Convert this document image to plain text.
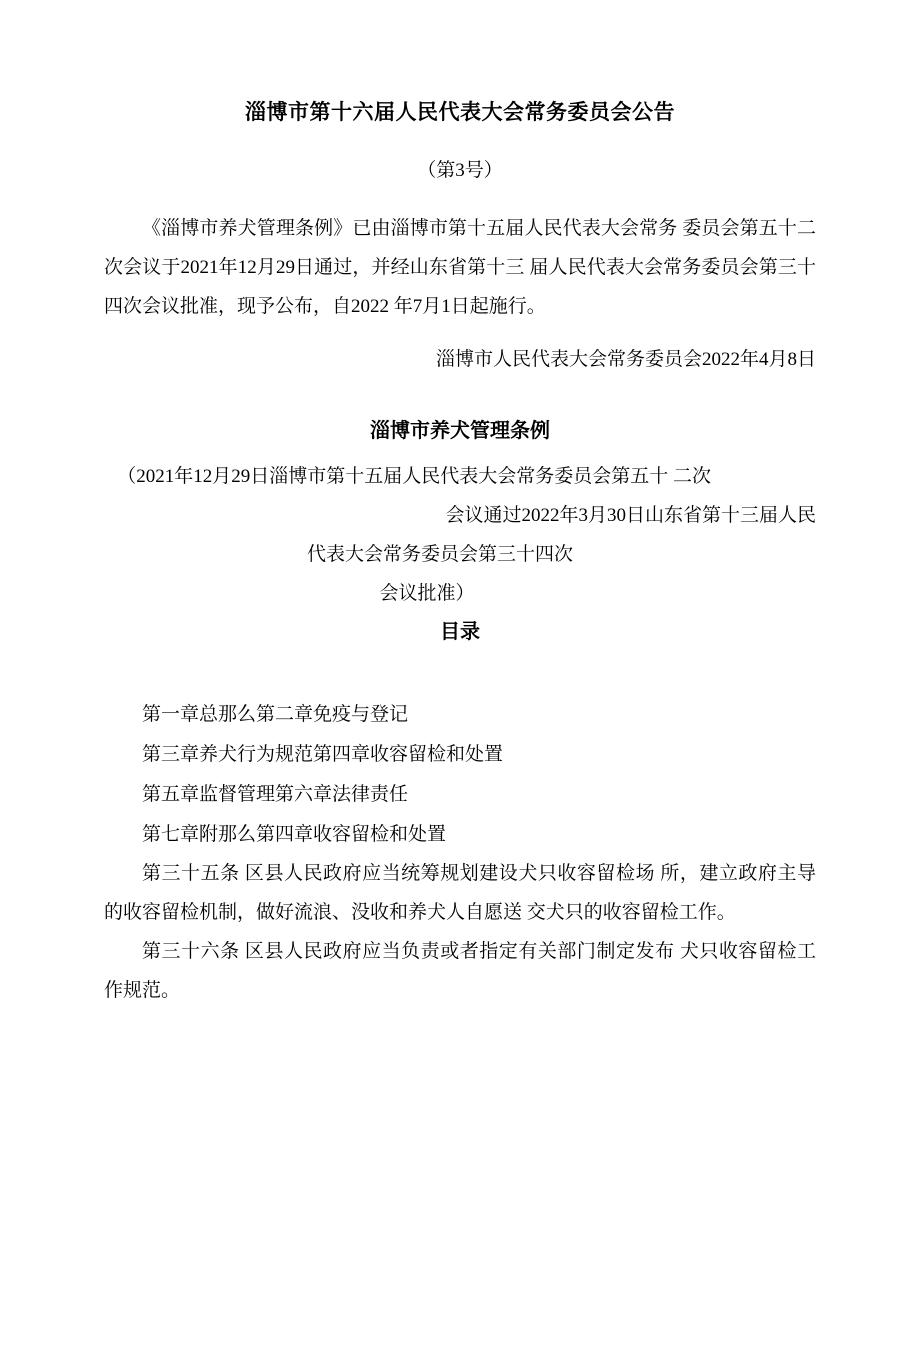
淄博市第十六届人民代表大会常务委员会公告
（第3号）

《淄博市养犬管理条例》已由淄博市第十五届人民代表大会常务 委员会第五十二次会议于2021年12月29日通过，并经山东省第十三 届人民代表大会常务委员会第三十四次会议批准，现予公布，自2022 年7月1日起施行。

淄博市人民代表大会常务委员会2022年4月8日

淄博市养犬管理条例

（2021年12月29日淄博市第十五届人民代表大会常务委员会第五十 二次

会议通过2022年3月30日山东省第十三届人民

代表大会常务委员会第三十四次

会议批准）

目录

第一章总那么第二章免疫与登记

第三章养犬行为规范第四章收容留检和处置

第五章监督管理第六章法律责任

第七章附那么第四章收容留检和处置

第三十五条 区县人民政府应当统筹规划建设犬只收容留检场 所，建立政府主导的收容留检机制，做好流浪、没收和养犬人自愿送 交犬只的收容留检工作。

第三十六条 区县人民政府应当负责或者指定有关部门制定发布 犬只收容留检工作规范。
